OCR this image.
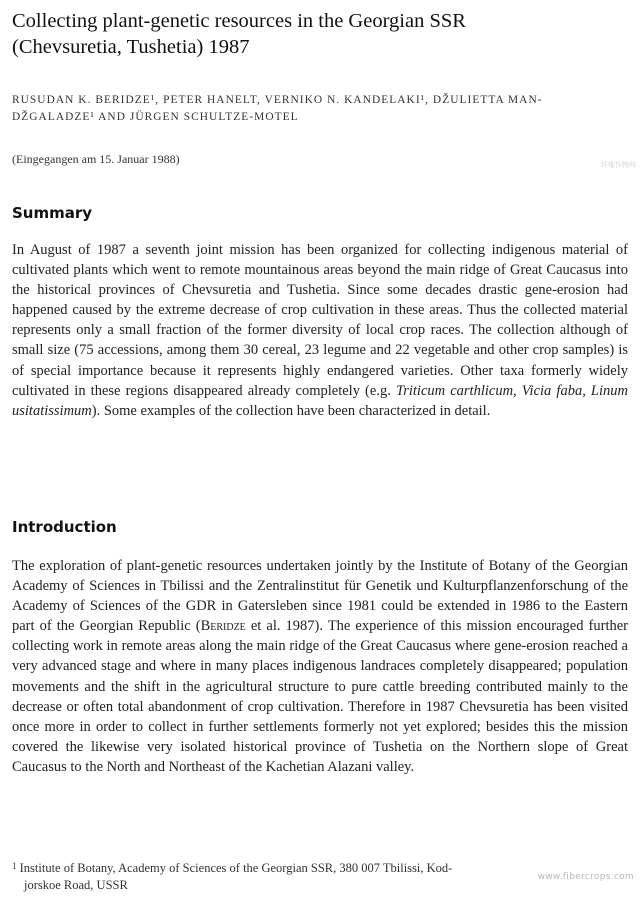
Collecting plant-genetic resources in the Georgian SSR
(Chevsuretia, Tushetia) 1987

RUSUDAN K. BERIDZE¹, PETER HANELT, VERNIKO N. KANDELAKI¹, DŽULIETTA MAN-
DŽGALADZE¹ AND JÜRGEN SCHULTZE-MOTEL

(Eingegangen am 15. Januar 1988)

Summary

In August of 1987 a seventh joint mission has been organized for collecting indigenous material of cultivated plants which went to remote mountainous areas beyond the main ridge of Great Caucasus into the historical provinces of Chevsuretia and Tushetia. Since some decades drastic gene-erosion had happened caused by the extreme decrease of crop cultivation in these areas. Thus the collected material represents only a small fraction of the former diversity of local crop races. The collection although of small size (75 accessions, among them 30 cereal, 23 legume and 22 vegetable and other crop samples) is of special importance because it represents highly endangered varieties. Other taxa formerly widely cultivated in these regions disappeared already completely (e.g. Triticum carthlicum, Vicia faba, Linum usitatissimum). Some examples of the collection have been characterized in detail.

Introduction

The exploration of plant-genetic resources undertaken jointly by the Institute of Botany of the Georgian Academy of Sciences in Tbilissi and the Zentralinstitut für Genetik und Kulturpflanzenforschung of the Academy of Sciences of the GDR in Gatersleben since 1981 could be extended in 1986 to the Eastern part of the Georgian Republic (Beridze et al. 1987). The experience of this mission encouraged further collecting work in remote areas along the main ridge of the Great Caucasus where gene-erosion reached a very advanced stage and where in many places indigenous landraces completely disappeared; population movements and the shift in the agricultural structure to pure cattle breeding contributed mainly to the decrease or often total abandonment of crop cultivation. Therefore in 1987 Chevsuretia has been visited once more in order to collect in further settlements formerly not yet explored; besides this the mission covered the likewise very isolated historical province of Tushetia on the Northern slope of Great Caucasus to the North and Northeast of the Kachetian Alazani valley.

$^1$ Institute of Botany, Academy of Sciences of the Georgian SSR, 380 007 Tbilissi, Kod-
jorskoe Road, USSR

纤维作物网
www.fibercrops.com
